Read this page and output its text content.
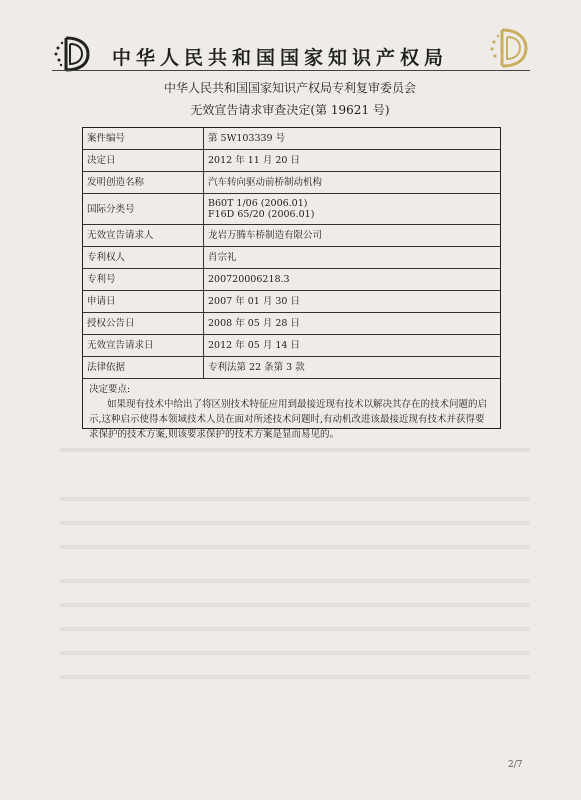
中华人民共和国国家知识产权局
中华人民共和国国家知识产权局专利复审委员会
无效宣告请求审查决定(第 19621 号)
案件编号	第 5W103339 号
决定日	2012 年 11 月 20 日
发明创造名称	汽车转向驱动前桥制动机构
国际分类号	B60T 1/06 (2006.01)
F16D 65/20 (2006.01)

无效宣告请求人	龙岩万腾车桥制造有限公司
专利权人	肖宗礼
专利号	200720006218.3
申请日	2007 年 01 月 30 日
授权公告日	2008 年 05 月 28 日
无效宣告请求日	2012 年 05 月 14 日
法律依据	专利法第 22 条第 3 款
决定要点:

如果现有技术中给出了将区别技术特征应用到最接近现有技术以解决其存在的技术问题的启示,这种启示使得本领域技术人员在面对所述技术问题时,有动机改进该最接近现有技术并获得要求保护的技术方案,则该要求保护的技术方案是显而易见的。

2/7
